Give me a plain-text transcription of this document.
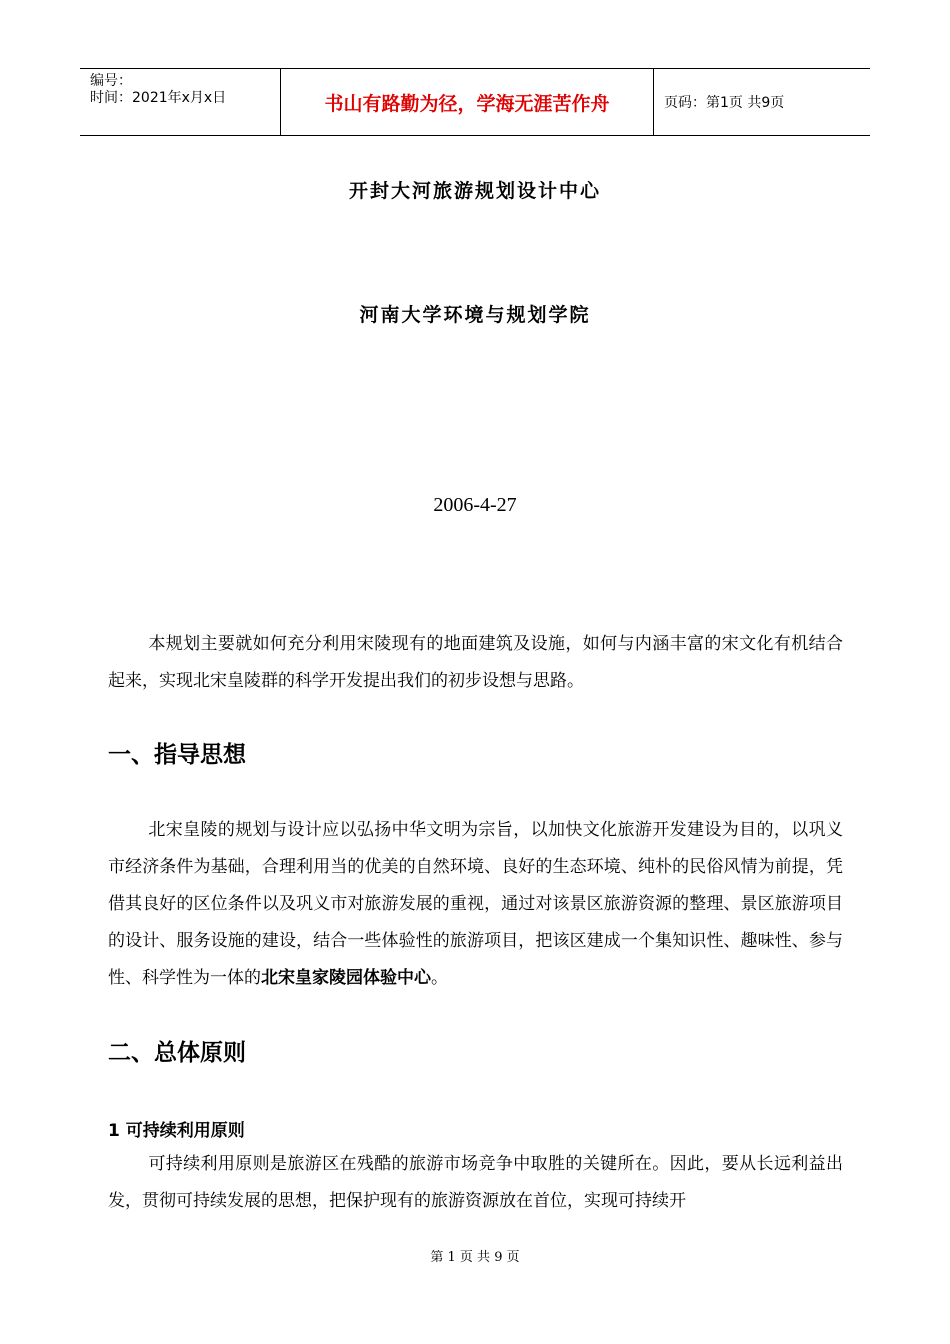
编号：
时间：2021年x月x日	书山有路勤为径，学海无涯苦作舟	页码：第1页 共9页
开封大河旅游规划设计中心
河南大学环境与规划学院
2006-4-27
本规划主要就如何充分利用宋陵现有的地面建筑及设施，如何与内涵丰富的宋文化有机结合起来，实现北宋皇陵群的科学开发提出我们的初步设想与思路。
一、指导思想
北宋皇陵的规划与设计应以弘扬中华文明为宗旨，以加快文化旅游开发建设为目的，以巩义市经济条件为基础，合理利用当的优美的自然环境、良好的生态环境、纯朴的民俗风情为前提，凭借其良好的区位条件以及巩义市对旅游发展的重视，通过对该景区旅游资源的整理、景区旅游项目的设计、服务设施的建设，结合一些体验性的旅游项目，把该区建成一个集知识性、趣味性、参与性、科学性为一体的北宋皇家陵园体验中心。
二、总体原则
1 可持续利用原则
可持续利用原则是旅游区在残酷的旅游市场竞争中取胜的关键所在。因此，要从长远利益出发，贯彻可持续发展的思想，把保护现有的旅游资源放在首位，实现可持续开
第 1 页 共 9 页
